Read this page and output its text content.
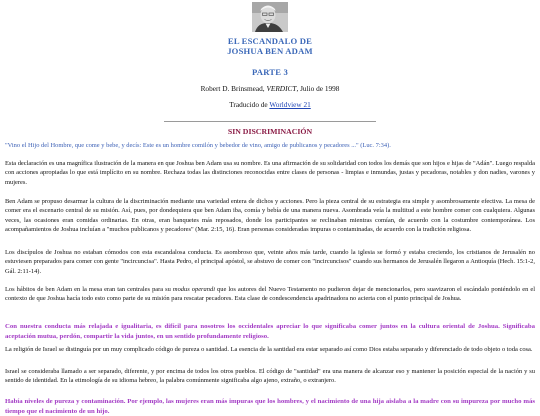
EL ESCANDALO DE
JOSHUA BEN ADAM
PARTE 3
Robert D. Brinsmead, VERDICT, Julio de 1998
Traducido de Worldview 21
SIN DISCRIMINACIÓN

"Vino el Hijo del Hombre, que come y bebe, y decís: Este es un hombre comilón y bebedor de vino, amigo de publicanos y pecadores ..." (Luc. 7:34).

Esta declaración es una magnífica ilustración de la manera en que Joshua ben Adam usa su nombre. Es una afirmación de su solidaridad con todos los demás que son hijos e hijas de "Adán". Luego respalda con acciones apropiadas lo que está implícito en su nombre. Rechaza todas las distinciones reconocidas entre clases de personas - limpias e inmundas, justas y pecadoras, notables y don nadies, varones y mujeres.

Ben Adam se propuso desarmar la cultura de la discriminación mediante una variedad entera de dichos y acciones. Pero la pieza central de su estrategia era simple y asombrosamente efectiva. La mesa de comer era el escenario central de su misión. Así, pues, por dondequiera que ben Adam iba, comía y bebía de una manera nueva. Asombrada veía la multitud a este hombre comer con cualquiera. Algunas veces, las ocasiones eran comidas ordinarias. En otras, eran banquetes más reposados, donde los participantes se reclinaban mientras comían, de acuerdo con la costumbre contemporánea. Los acompañamientos de Joshua incluían a "muchos publicanos y pecadores" (Mar. 2:15, 16). Eran personas consideradas impuras o contaminadas, de acuerdo con la tradición religiosa.

Los discípulos de Joshua no estaban cómodos con esta escandalosa conducta. Es asombroso que, veinte años más tarde, cuando la iglesia se formó y estaba creciendo, los cristianos de Jerusalén no estuviesen preparados para comer con gente "incircuncisa". Hasta Pedro, el principal apóstol, se abstuvo de comer con "incircuncisos" cuando sus hermanos de Jerusalén llegaron a Antioquía (Hech. 15:1-2, Gál. 2:11-14).

Los hábitos de ben Adam en la mesa eran tan centrales para su modus operandi que los autores del Nuevo Testamento no pudieron dejar de mencionarlos, pero suavizaron el escándalo poniéndolo en el contexto de que Joshua hacía todo esto como parte de su misión para rescatar pecadores. Esta clase de condescendencia apadrinadora no acierta con el punto principal de Joshua.

Con nuestra conducta más relajada e igualitaria, es difícil para nosotros los occidentales apreciar lo que significaba comer juntos en la cultura oriental de Joshua. Significaba aceptación mutua, perdón, compartir la vida juntos, en un sentido profundamente religioso.

La religión de Israel se distinguía por un muy complicado código de pureza o santidad. La esencia de la santidad era estar separado así como Dios estaba separado y diferenciado de todo objeto o toda cosa.

Israel se consideraba llamado a ser separado, diferente, y por encima de todos los otros pueblos. El código de "santidad" era una manera de alcanzar eso y mantener la posición especial de la nación y su sentido de identidad. En la etimología de su idioma hebreo, la palabra comúnmente significaba algo ajeno, extraño, o extranjero.

Había niveles de pureza y contaminación. Por ejemplo, las mujeres eran más impuras que los hombres, y el nacimiento de una hija aislaba a la madre con su impureza por mucho más tiempo que el nacimiento de un hijo.
